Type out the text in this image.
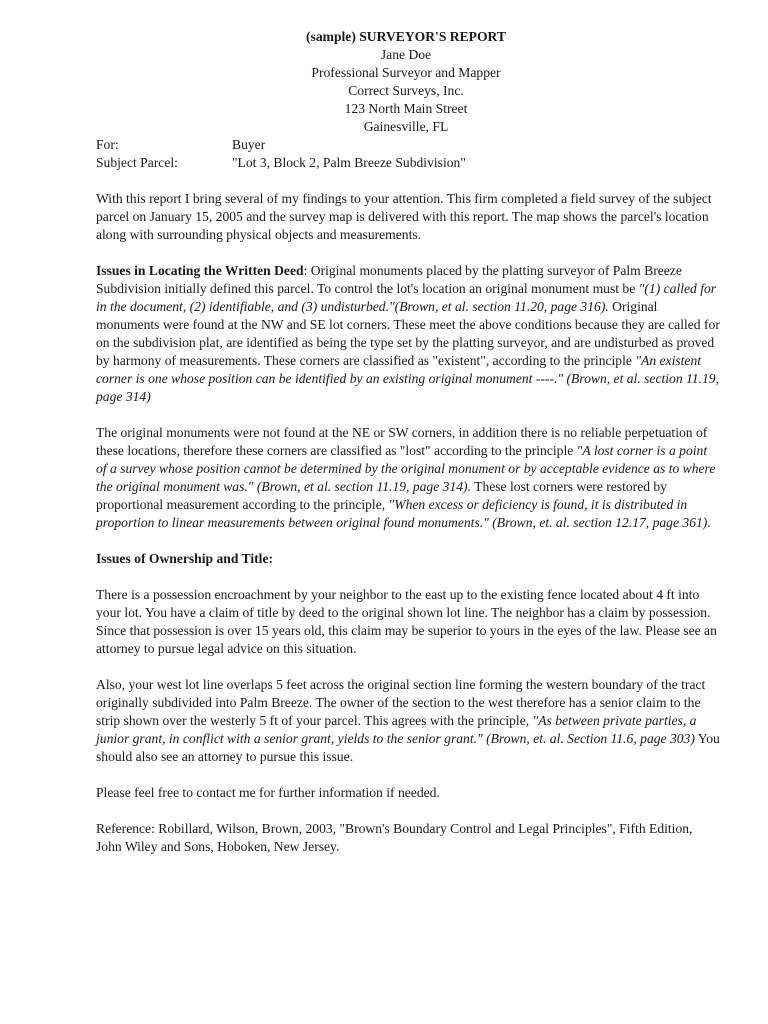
(sample) SURVEYOR'S REPORT
Jane Doe
Professional Surveyor and Mapper
Correct Surveys, Inc.
123 North Main Street
Gainesville, FL
For:	Buyer
Subject Parcel:	"Lot 3, Block 2, Palm Breeze Subdivision"

With this report I bring several of my findings to your attention. This firm completed a field survey of the subject parcel on January 15, 2005 and the survey map is delivered with this report. The map shows the parcel's location along with surrounding physical objects and measurements.

Issues in Locating the Written Deed: Original monuments placed by the platting surveyor of Palm Breeze Subdivision initially defined this parcel. To control the lot's location an original monument must be "(1) called for in the document, (2) identifiable, and (3) undisturbed."(Brown, et al. section 11.20, page 316). Original monuments were found at the NW and SE lot corners. These meet the above conditions because they are called for on the subdivision plat, are identified as being the type set by the platting surveyor, and are undisturbed as proved by harmony of measurements. These corners are classified as "existent", according to the principle "An existent corner is one whose position can be identified by an existing original monument ----." (Brown, et al. section 11.19, page 314)

The original monuments were not found at the NE or SW corners, in addition there is no reliable perpetuation of these locations, therefore these corners are classified as "lost" according to the principle "A lost corner is a point of a survey whose position cannot be determined by the original monument or by acceptable evidence as to where the original monument was." (Brown, et al. section 11.19, page 314). These lost corners were restored by proportional measurement according to the principle, "When excess or deficiency is found, it is distributed in proportion to linear measurements between original found monuments." (Brown, et. al. section 12.17, page 361).

Issues of Ownership and Title:

There is a possession encroachment by your neighbor to the east up to the existing fence located about 4 ft into your lot. You have a claim of title by deed to the original shown lot line. The neighbor has a claim by possession. Since that possession is over 15 years old, this claim may be superior to yours in the eyes of the law. Please see an attorney to pursue legal advice on this situation.

Also, your west lot line overlaps 5 feet across the original section line forming the western boundary of the tract originally subdivided into Palm Breeze. The owner of the section to the west therefore has a senior claim to the strip shown over the westerly 5 ft of your parcel. This agrees with the principle, "As between private parties, a junior grant, in conflict with a senior grant, yields to the senior grant." (Brown, et. al. Section 11.6, page 303) You should also see an attorney to pursue this issue.

Please feel free to contact me for further information if needed.

Reference: Robillard, Wilson, Brown, 2003, "Brown's Boundary Control and Legal Principles", Fifth Edition, John Wiley and Sons, Hoboken, New Jersey.
